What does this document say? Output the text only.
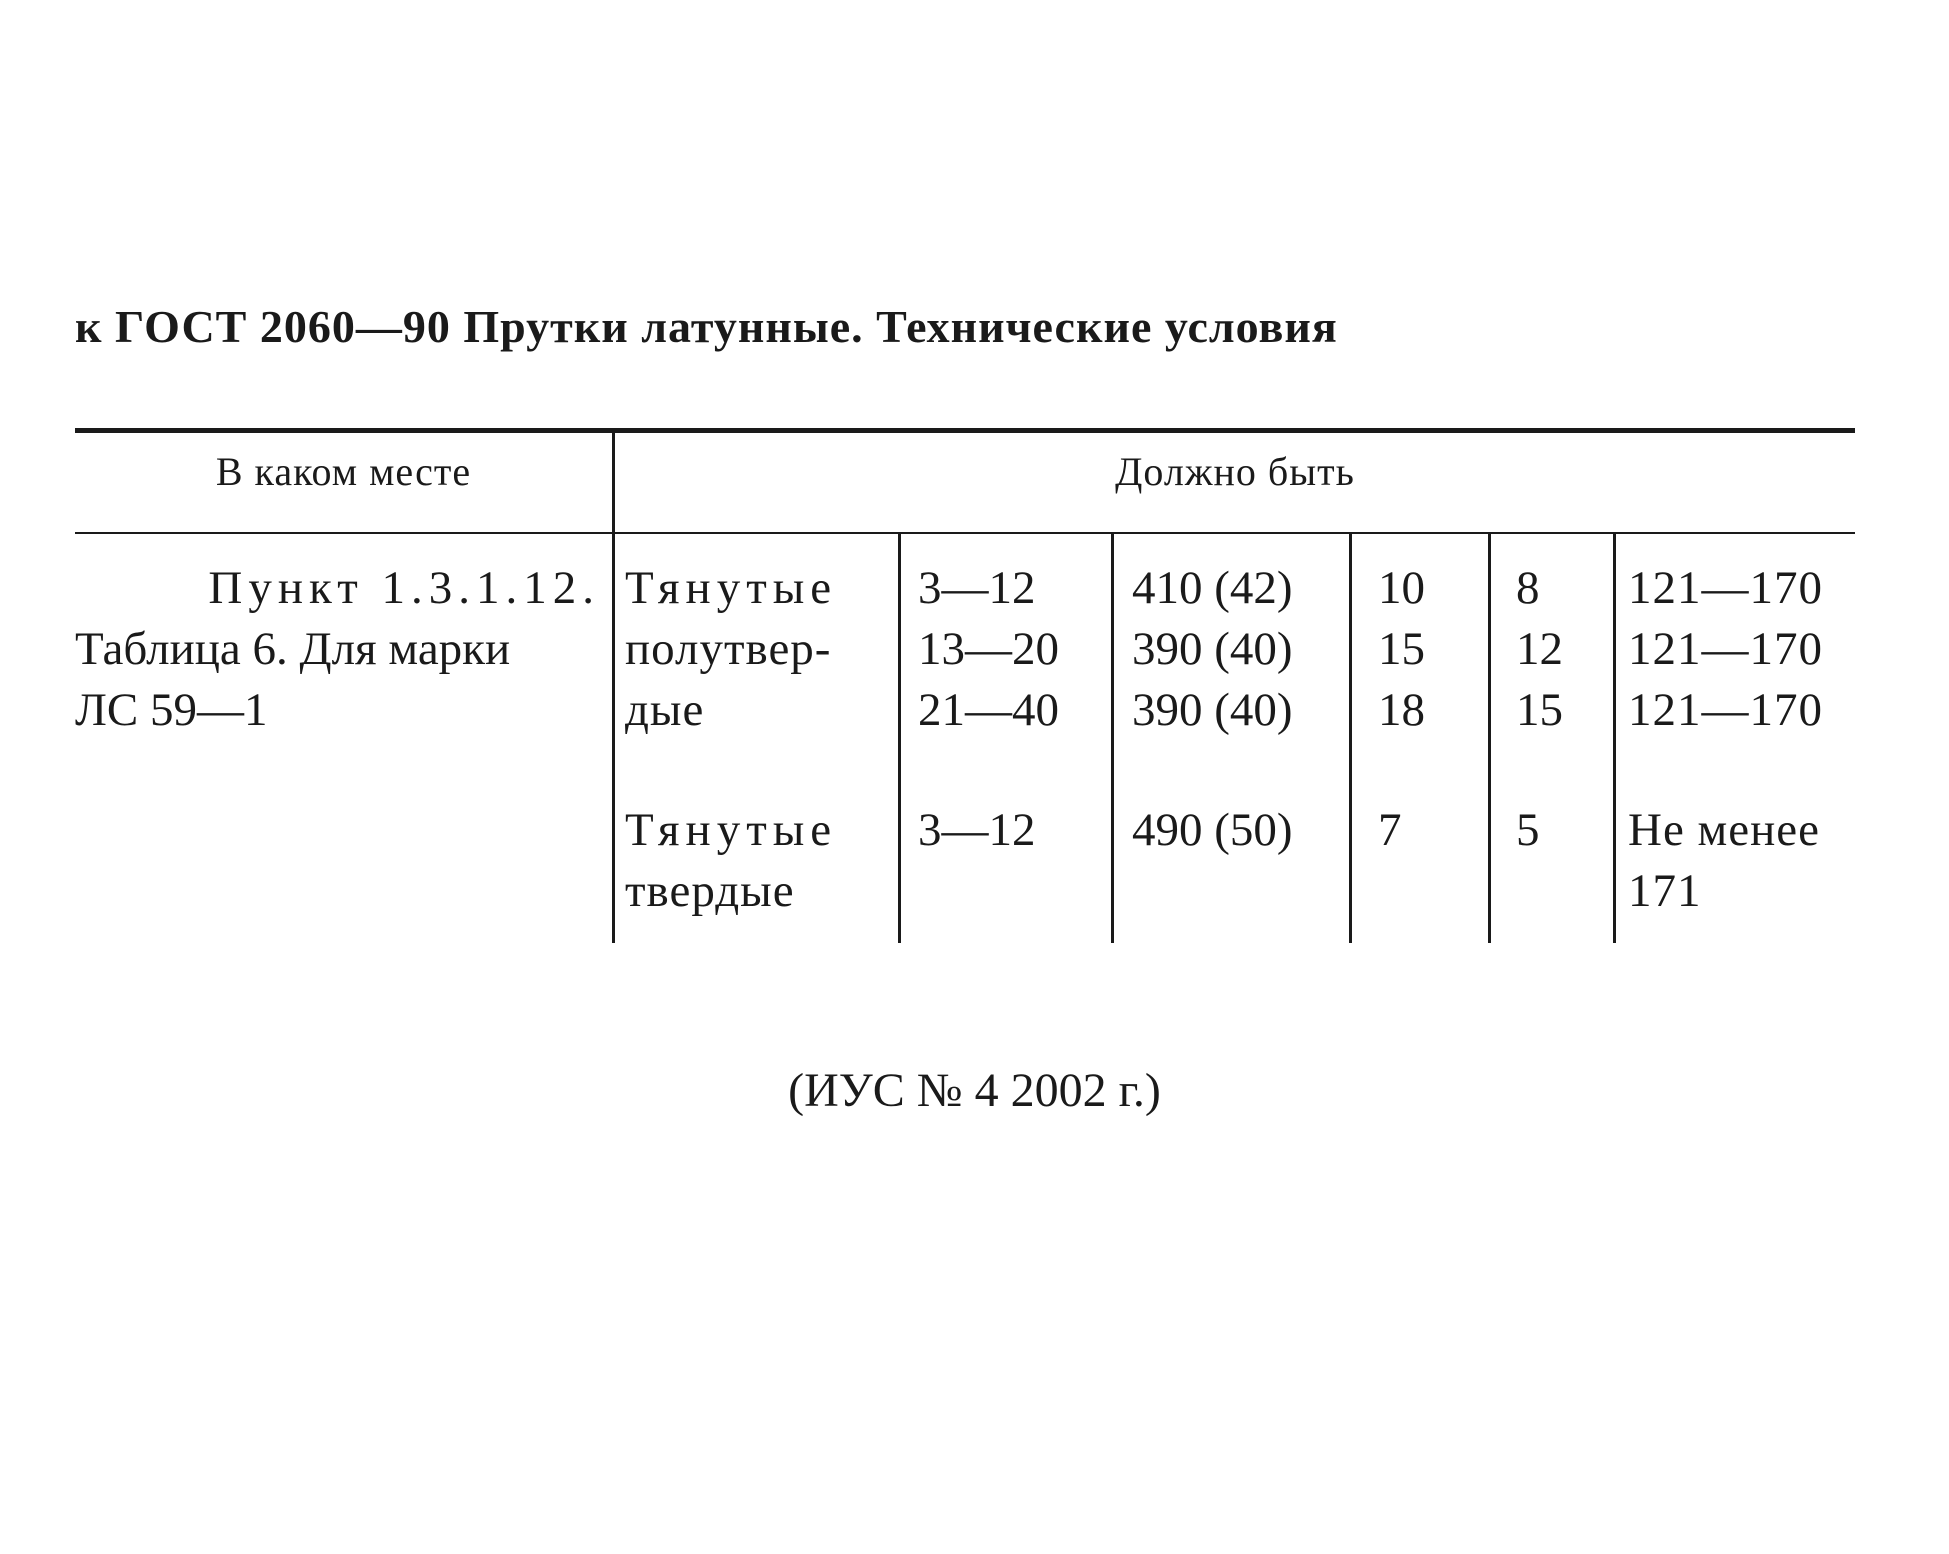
к ГОСТ 2060—90 Прутки латунные. Технические условия
В каком месте	Должно быть
Пункт 1.3.1.12.
Таблица 6. Для марки
ЛС 59—1
Тянутые
полутвер-
дые
3—12
13—20
21—40
410 (42)
390 (40)
390 (40)
10
15
18
8
12
15
121—170
121—170
121—170
Тянутые
твердые
3—12 490 (50) 7 5 Не менее
171
(ИУС № 4 2002 г.)
